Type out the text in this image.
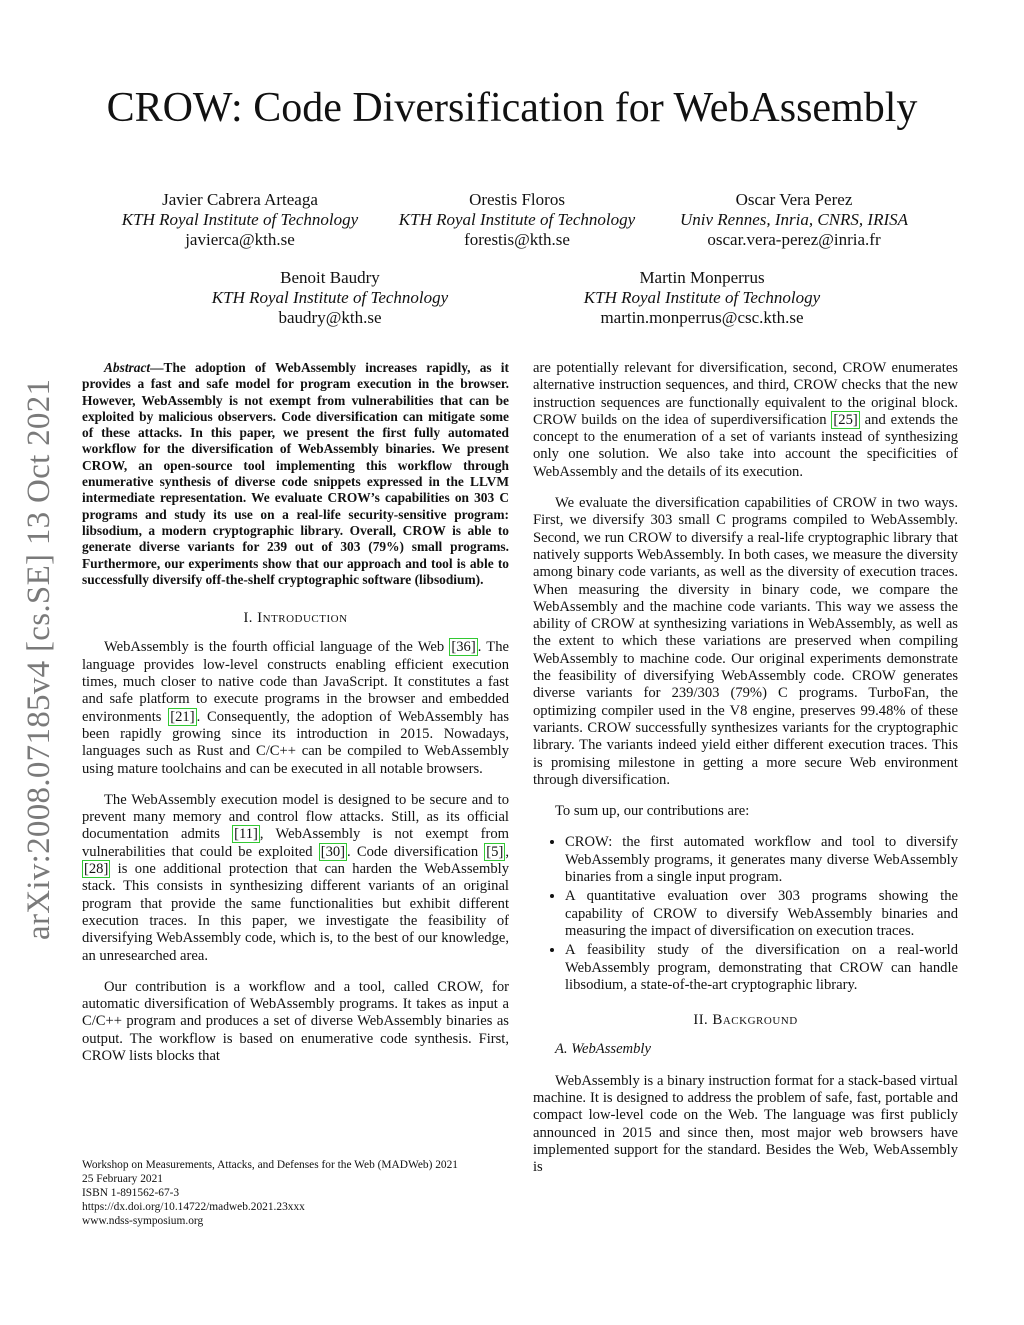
arXiv:2008.07185v4 [cs.SE] 13 Oct 2021
CROW: Code Diversification for WebAssembly
Javier Cabrera Arteaga
KTH Royal Institute of Technology
javierca@kth.se
Orestis Floros
KTH Royal Institute of Technology
forestis@kth.se
Oscar Vera Perez
Univ Rennes, Inria, CNRS, IRISA
oscar.vera-perez@inria.fr
Benoit Baudry
KTH Royal Institute of Technology
baudry@kth.se
Martin Monperrus
KTH Royal Institute of Technology
martin.monperrus@csc.kth.se

Abstract—The adoption of WebAssembly increases rapidly, as it provides a fast and safe model for program execution in the browser. However, WebAssembly is not exempt from vulnerabilities that can be exploited by malicious observers. Code diversification can mitigate some of these attacks. In this paper, we present the first fully automated workflow for the diversification of WebAssembly binaries. We present CROW, an open-source tool implementing this workflow through enumerative synthesis of diverse code snippets expressed in the LLVM intermediate representation. We evaluate CROW’s capabilities on 303 C programs and study its use on a real-life security-sensitive program: libsodium, a modern cryptographic library. Overall, CROW is able to generate diverse variants for 239 out of 303 (79%) small programs. Furthermore, our experiments show that our approach and tool is able to successfully diversify off-the-shelf cryptographic software (libsodium).

I. Introduction

WebAssembly is the fourth official language of the Web [36] . The language provides low-level constructs enabling efficient execution times, much closer to native code than JavaScript. It constitutes a fast and safe platform to execute programs in the browser and embedded environments [21] . Consequently, the adoption of WebAssembly has been rapidly growing since its introduction in 2015. Nowadays, languages such as Rust and C/C++ can be compiled to WebAssembly using mature toolchains and can be executed in all notable browsers.

The WebAssembly execution model is designed to be secure and to prevent many memory and control flow attacks. Still, as its official documentation admits [11] , WebAssembly is not exempt from vulnerabilities that could be exploited [30] . Code diversification [5] , [28] is one additional protection that can harden the WebAssembly stack. This consists in synthesizing different variants of an original program that provide the same functionalities but exhibit different execution traces. In this paper, we investigate the feasibility of diversifying WebAssembly code, which is, to the best of our knowledge, an unresearched area.

Our contribution is a workflow and a tool, called CROW, for automatic diversification of WebAssembly programs. It takes as input a C/C++ program and produces a set of diverse WebAssembly binaries as output. The workflow is based on enumerative code synthesis. First, CROW lists blocks that

Workshop on Measurements, Attacks, and Defenses for the Web (MADWeb) 2021
25 February 2021
ISBN 1-891562-67-3
https://dx.doi.org/10.14722/madweb.2021.23xxx
www.ndss-symposium.org

are potentially relevant for diversification, second, CROW enumerates alternative instruction sequences, and third, CROW checks that the new instruction sequences are functionally equivalent to the original block. CROW builds on the idea of superdiversification [25] and extends the concept to the enumeration of a set of variants instead of synthesizing only one solution. We also take into account the specificities of WebAssembly and the details of its execution.

We evaluate the diversification capabilities of CROW in two ways. First, we diversify 303 small C programs compiled to WebAssembly. Second, we run CROW to diversify a real-life cryptographic library that natively supports WebAssembly. In both cases, we measure the diversity among binary code variants, as well as the diversity of execution traces. When measuring the diversity in binary code, we compare the WebAssembly and the machine code variants. This way we assess the ability of CROW at synthesizing variations in WebAssembly, as well as the extent to which these variations are preserved when compiling WebAssembly to machine code. Our original experiments demonstrate the feasibility of diversifying WebAssembly code. CROW generates diverse variants for 239/303 (79%) C programs. TurboFan, the optimizing compiler used in the V8 engine, preserves 99.48% of these variants. CROW successfully synthesizes variants for the cryptographic library. The variants indeed yield either different execution traces. This is promising milestone in getting a more secure Web environment through diversification.

To sum up, our contributions are:

• CROW: the first automated workflow and tool to diversify WebAssembly programs, it generates many diverse WebAssembly binaries from a single input program.
• A quantitative evaluation over 303 programs showing the capability of CROW to diversify WebAssembly binaries and measuring the impact of diversification on execution traces.
• A feasibility study of the diversification on a real-world WebAssembly program, demonstrating that CROW can handle libsodium, a state-of-the-art cryptographic library.
II. Background

A. WebAssembly

WebAssembly is a binary instruction format for a stack-based virtual machine. It is designed to address the problem of safe, fast, portable and compact low-level code on the Web. The language was first publicly announced in 2015 and since then, most major web browsers have implemented support for the standard. Besides the Web, WebAssembly is
